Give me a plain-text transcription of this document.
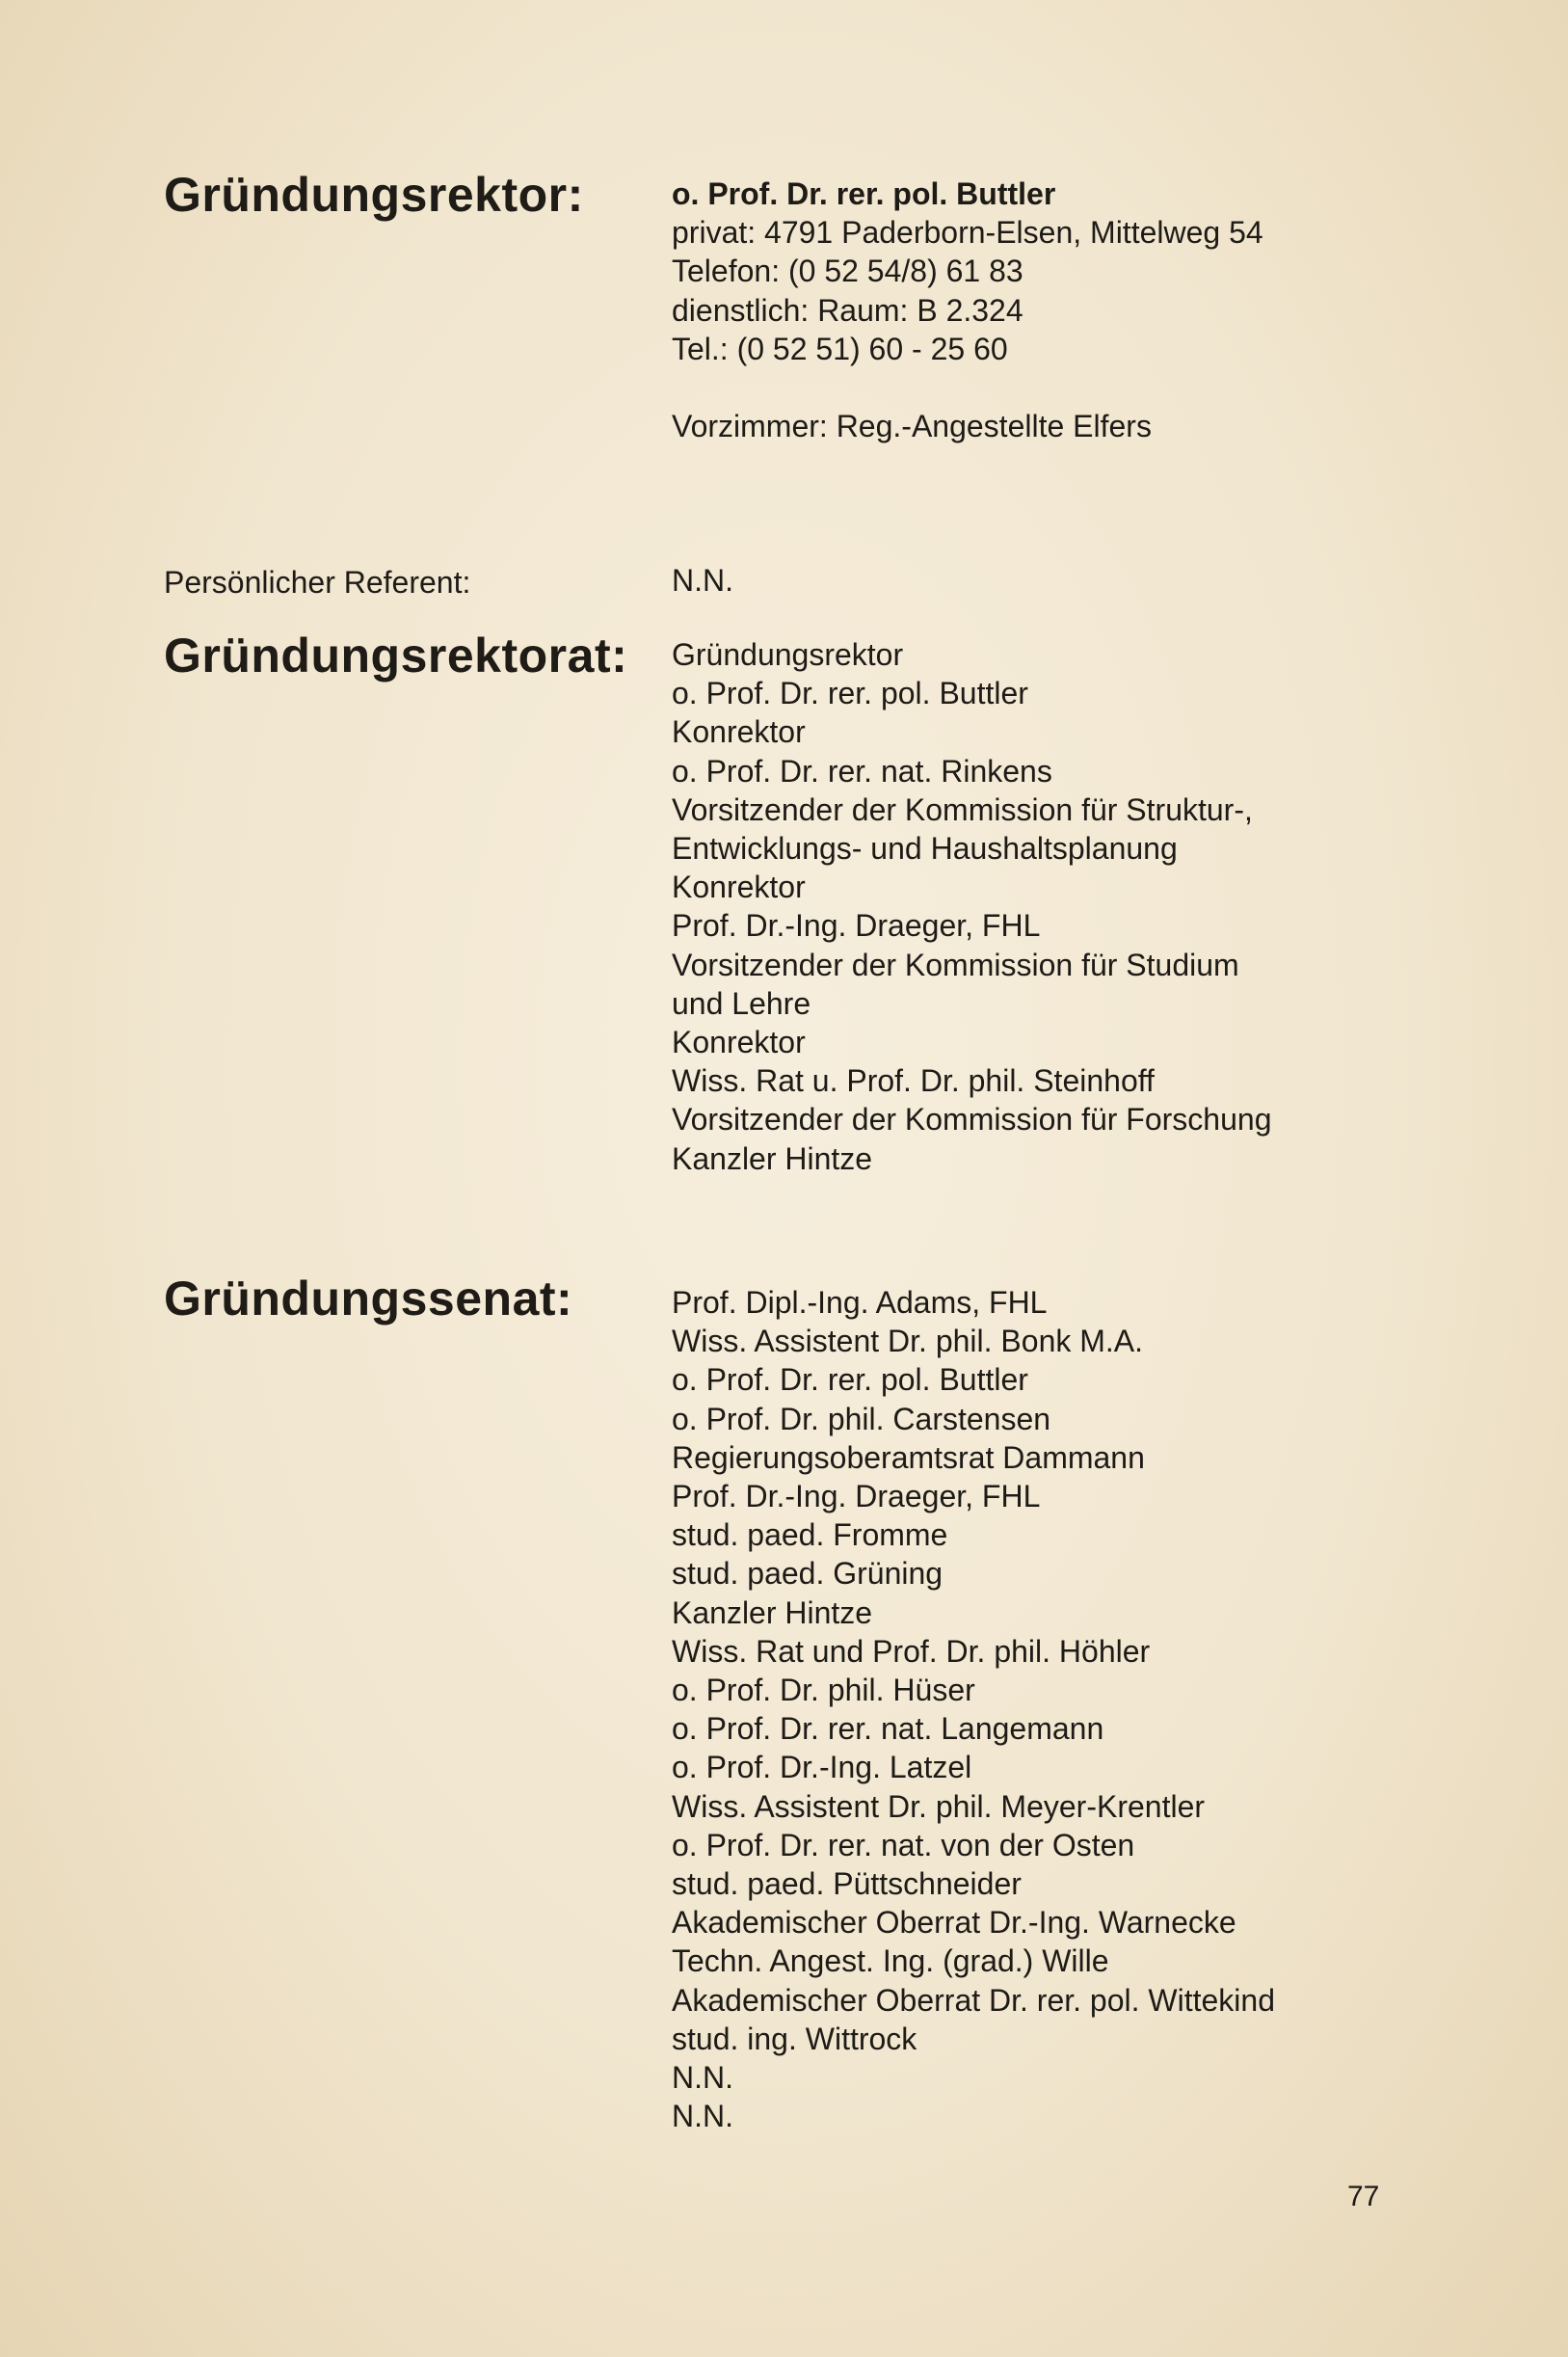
Gründungsrektor:	o. Prof. Dr. rer. pol. Buttler
privat: 4791 Paderborn-Elsen, Mittelweg 54
Telefon: (0 52 54/8) 61 83
dienstlich: Raum: B 2.324
Tel.: (0 52 51) 60 - 25 60
Vorzimmer: Reg.-Angestellte Elfers
Persönlicher Referent:	N.N.
Gründungsrektorat: Gründungsrektor
o. Prof. Dr. rer. pol. Buttler
Konrektor
o. Prof. Dr. rer. nat. Rinkens
Vorsitzender der Kommission für Struktur-,
Entwicklungs- und Haushaltsplanung
Konrektor
Prof. Dr.-Ing. Draeger, FHL
Vorsitzender der Kommission für Studium
und Lehre
Konrektor
Wiss. Rat u. Prof. Dr. phil. Steinhoff
Vorsitzender der Kommission für Forschung
Kanzler Hintze
Gründungssenat:	Prof. Dipl.-Ing. Adams, FHL
Wiss. Assistent Dr. phil. Bonk M.A.
o. Prof. Dr. rer. pol. Buttler
o. Prof. Dr. phil. Carstensen
Regierungsoberamtsrat Dammann
Prof. Dr.-Ing. Draeger, FHL
stud. paed. Fromme
stud. paed. Grüning
Kanzler Hintze
Wiss. Rat und Prof. Dr. phil. Höhler
o. Prof. Dr. phil. Hüser
o. Prof. Dr. rer. nat. Langemann
o. Prof. Dr.-Ing. Latzel
Wiss. Assistent Dr. phil. Meyer-Krentler
o. Prof. Dr. rer. nat. von der Osten
stud. paed. Püttschneider
Akademischer Oberrat Dr.-Ing. Warnecke
Techn. Angest. Ing. (grad.) Wille
Akademischer Oberrat Dr. rer. pol. Wittekind
stud. ing. Wittrock
N.N.
N.N.
77
